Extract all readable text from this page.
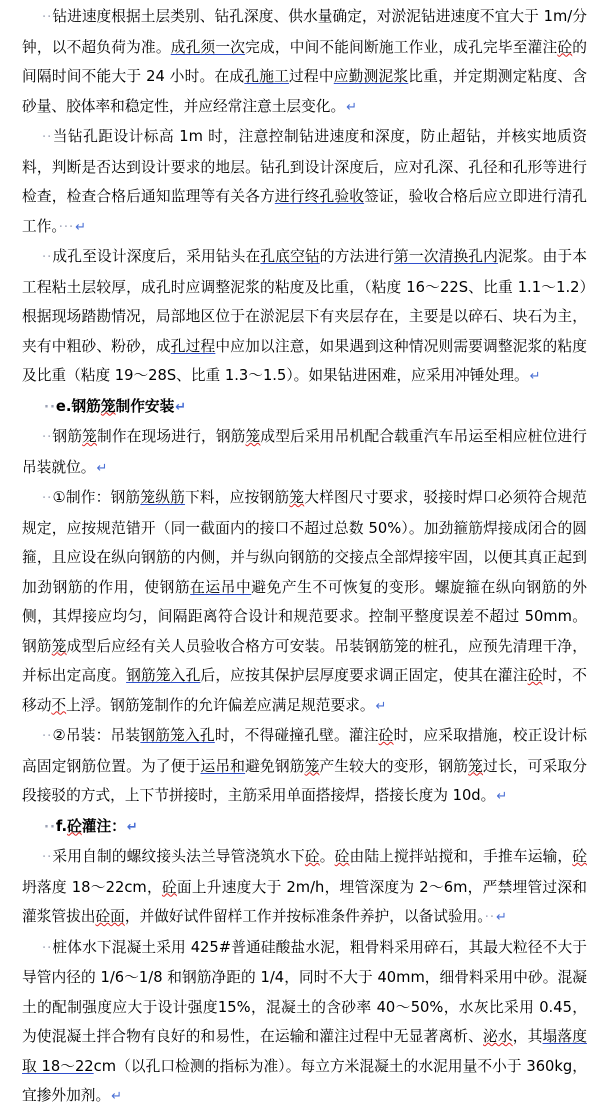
··钻进速度根据土层类别、钻孔深度、供水量确定，对淤泥钻进速度不宜大于 1m/分钟，以不超负荷为准。成孔须一次完成，中间不能间断施工作业，成孔完毕至灌注砼的间隔时间不能大于 24 小时。在成孔施工过程中应勤测泥浆比重，并定期测定粘度、含砂量、胶体率和稳定性，并应经常注意土层变化。↵

··当钻孔距设计标高 1m 时，注意控制钻进速度和深度，防止超钻，并核实地质资料，判断是否达到设计要求的地层。钻孔到设计深度后，应对孔深、孔径和孔形等进行检查，检查合格后通知监理等有关各方进行终孔验收签证，验收合格后应立即进行清孔工作。···↵

··成孔至设计深度后，采用钻头在孔底空钻的方法进行第一次清换孔内泥浆。由于本工程粘土层较厚，成孔时应调整泥浆的粘度及比重，（粘度 16～22S、比重 1.1～1.2）根据现场踏勘情况，局部地区位于在淤泥层下有夹层存在，主要是以碎石、块石为主，夹有中粗砂、粉砂，成孔过程中应加以注意，如果遇到这种情况则需要调整泥浆的粘度及比重（粘度 19～28S、比重 1.3～1.5）。如果钻进困难，应采用冲锤处理。↵

··e.钢筋笼制作安装↵

··钢筋笼制作在现场进行，钢筋笼成型后采用吊机配合载重汽车吊运至相应桩位进行吊装就位。↵

··①制作：钢筋笼纵筋下料，应按钢筋笼大样图尺寸要求，驳接时焊口必须符合规范规定，应按规范错开（同一截面内的接口不超过总数 50%）。加劲箍筋焊接成闭合的圆箍，且应设在纵向钢筋的内侧，并与纵向钢筋的交接点全部焊接牢固，以便其真正起到加劲钢筋的作用，使钢筋在运吊中避免产生不可恢复的变形。螺旋箍在纵向钢筋的外侧，其焊接应均匀，间隔距离符合设计和规范要求。控制平整度误差不超过 50mm。钢筋笼成型后应经有关人员验收合格方可安装。吊装钢筋笼的桩孔，应预先清理干净，并标出定高度。钢筋笼入孔后，应按其保护层厚度要求调正固定，使其在灌注砼时，不移动不上浮。钢筋笼制作的允许偏差应满足规范要求。↵

··②吊装：吊装钢筋笼入孔时，不得碰撞孔壁。灌注砼时，应采取措施，校正设计标高固定钢筋位置。为了便于运吊和避免钢筋笼产生较大的变形，钢筋笼过长，可采取分段接驳的方式，上下节拼接时，主筋采用单面搭接焊，搭接长度为 10d。↵

··f.砼灌注：↵

··采用自制的螺纹接头法兰导管浇筑水下砼。砼由陆上搅拌站搅和，手推车运输，砼坍落度 18～22cm，砼面上升速度大于 2m/h，埋管深度为 2～6m，严禁埋管过深和灌浆管拔出砼面，并做好试件留样工作并按标准条件养护，以备试验用。··↵

··桩体水下混凝土采用 425#普通硅酸盐水泥，粗骨料采用碎石，其最大粒径不大于导管内径的 1/6～1/8 和钢筋净距的 1/4，同时不大于 40mm，细骨料采用中砂。混凝土的配制强度应大于设计强度15%，混凝土的含砂率 40～50%，水灰比采用 0.45，为使混凝土拌合物有良好的和易性，在运输和灌注过程中无显著离析、泌水，其塌落度取 18～22cm（以孔口检测的指标为准）。每立方米混凝土的水泥用量不小于 360kg，宜掺外加剂。↵
